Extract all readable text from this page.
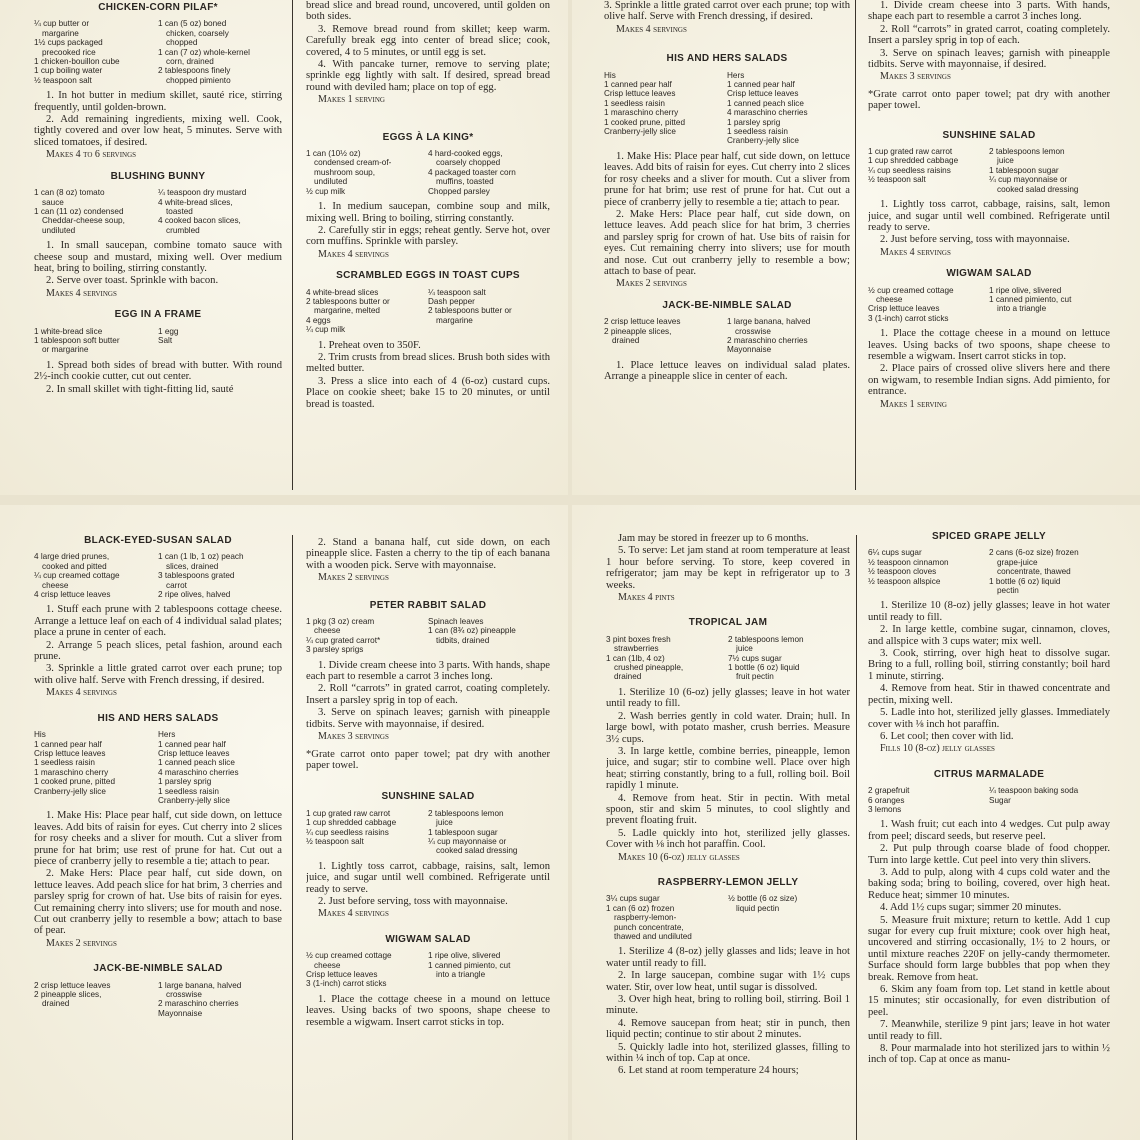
CHICKEN-CORN PILAF*
¼ cup butter or
margarine
1½ cups packaged
precooked rice
1 chicken-bouillon cube
1 cup boiling water
½ teaspoon salt

1 can (5 oz) boned
chicken, coarsely
chopped
1 can (7 oz) whole-kernel
corn, drained
2 tablespoons finely
chopped pimiento

1. In hot butter in medium skillet, sauté rice, stirring frequently, until golden-brown.

2. Add remaining ingredients, mixing well. Cook, tightly covered and over low heat, 5 minutes. Serve with sliced tomatoes, if desired.

Makes 4 to 6 servings
BLUSHING BUNNY
1 can (8 oz) tomato
sauce
1 can (11 oz) condensed
Cheddar-cheese soup,
undiluted

¼ teaspoon dry mustard
4 white-bread slices,
toasted
4 cooked bacon slices,
crumbled

1. In small saucepan, combine tomato sauce with cheese soup and mustard, mixing well. Over medium heat, bring to boiling, stirring constantly.

2. Serve over toast. Sprinkle with bacon.

Makes 4 servings
EGG IN A FRAME
1 white-bread slice
1 tablespoon soft butter
or margarine

1 egg
Salt

1. Spread both sides of bread with butter. With round 2½-inch cookie cutter, cut out center.

2. In small skillet with tight-fitting lid, sauté

bread slice and bread round, uncovered, until golden on both sides.

3. Remove bread round from skillet; keep warm. Carefully break egg into center of bread slice; cook, covered, 4 to 5 minutes, or until egg is set.

4. With pancake turner, remove to serving plate; sprinkle egg lightly with salt. If desired, spread bread round with deviled ham; place on top of egg.

Makes 1 serving
EGGS À LA KING*
1 can (10½ oz)
condensed cream-of-
mushroom soup,
undiluted
½ cup milk

4 hard-cooked eggs,
coarsely chopped
4 packaged toaster corn
muffins, toasted
Chopped parsley

1. In medium saucepan, combine soup and milk, mixing well. Bring to boiling, stirring constantly.

2. Carefully stir in eggs; reheat gently. Serve hot, over corn muffins. Sprinkle with parsley.

Makes 4 servings
SCRAMBLED EGGS IN TOAST CUPS
4 white-bread slices
2 tablespoons butter or
margarine, melted
4 eggs
¼ cup milk

¼ teaspoon salt
Dash pepper
2 tablespoons butter or
margarine

1. Preheat oven to 350F.

2. Trim crusts from bread slices. Brush both sides with melted butter.

3. Press a slice into each of 4 (6-oz) custard cups. Place on cookie sheet; bake 15 to 20 minutes, or until bread is toasted.

3. Sprinkle a little grated carrot over each prune; top with olive half. Serve with French dressing, if desired.

Makes 4 servings
HIS AND HERS SALADS
His
1 canned pear half
Crisp lettuce leaves
1 seedless raisin
1 maraschino cherry
1 cooked prune, pitted
Cranberry-jelly slice

Hers
1 canned pear half
Crisp lettuce leaves
1 canned peach slice
4 maraschino cherries
1 parsley sprig
1 seedless raisin
Cranberry-jelly slice

1. Make His: Place pear half, cut side down, on lettuce leaves. Add bits of raisin for eyes. Cut cherry into 2 slices for rosy cheeks and a sliver for mouth. Cut a sliver from prune for hat brim; use rest of prune for hat. Cut out a piece of cranberry jelly to resemble a tie; attach to pear.

2. Make Hers: Place pear half, cut side down, on lettuce leaves. Add peach slice for hat brim, 3 cherries and parsley sprig for crown of hat. Use bits of raisin for eyes. Cut remaining cherry into slivers; use for mouth and nose. Cut out cranberry jelly to resemble a bow; attach to base of pear.

Makes 2 servings
JACK-BE-NIMBLE SALAD
2 crisp lettuce leaves
2 pineapple slices,
drained

1 large banana, halved
crosswise
2 maraschino cherries
Mayonnaise

1. Place lettuce leaves on individual salad plates. Arrange a pineapple slice in center of each.

1. Divide cream cheese into 3 parts. With hands, shape each part to resemble a carrot 3 inches long.

2. Roll “carrots” in grated carrot, coating completely. Insert a parsley sprig in top of each.

3. Serve on spinach leaves; garnish with pineapple tidbits. Serve with mayonnaise, if desired.

Makes 3 servings

*Grate carrot onto paper towel; pat dry with another paper towel.

SUNSHINE SALAD
1 cup grated raw carrot
1 cup shredded cabbage
¼ cup seedless raisins
½ teaspoon salt

2 tablespoons lemon
juice
1 tablespoon sugar
¼ cup mayonnaise or
cooked salad dressing

1. Lightly toss carrot, cabbage, raisins, salt, lemon juice, and sugar until well combined. Refrigerate until ready to serve.

2. Just before serving, toss with mayonnaise.

Makes 4 servings
WIGWAM SALAD
½ cup creamed cottage
cheese
Crisp lettuce leaves
3 (1-inch) carrot sticks

1 ripe olive, slivered
1 canned pimiento, cut
into a triangle

1. Place the cottage cheese in a mound on lettuce leaves. Using backs of two spoons, shape cheese to resemble a wigwam. Insert carrot sticks in top.

2. Place pairs of crossed olive slivers here and there on wigwam, to resemble Indian signs. Add pimiento, for entrance.

Makes 1 serving
BLACK-EYED-SUSAN SALAD
4 large dried prunes,
cooked and pitted
¼ cup creamed cottage
cheese
4 crisp lettuce leaves

1 can (1 lb, 1 oz) peach
slices, drained
3 tablespoons grated
carrot
2 ripe olives, halved

1. Stuff each prune with 2 tablespoons cottage cheese. Arrange a lettuce leaf on each of 4 individual salad plates; place a prune in center of each.

2. Arrange 5 peach slices, petal fashion, around each prune.

3. Sprinkle a little grated carrot over each prune; top with olive half. Serve with French dressing, if desired.

Makes 4 servings
HIS AND HERS SALADS
His
1 canned pear half
Crisp lettuce leaves
1 seedless raisin
1 maraschino cherry
1 cooked prune, pitted
Cranberry-jelly slice

Hers
1 canned pear half
Crisp lettuce leaves
1 canned peach slice
4 maraschino cherries
1 parsley sprig
1 seedless raisin
Cranberry-jelly slice

1. Make His: Place pear half, cut side down, on lettuce leaves. Add bits of raisin for eyes. Cut cherry into 2 slices for rosy cheeks and a sliver for mouth. Cut a sliver from prune for hat brim; use rest of prune for hat. Cut out a piece of cranberry jelly to resemble a tie; attach to pear.

2. Make Hers: Place pear half, cut side down, on lettuce leaves. Add peach slice for hat brim, 3 cherries and parsley sprig for crown of hat. Use bits of raisin for eyes. Cut remaining cherry into slivers; use for mouth and nose. Cut out cranberry jelly to resemble a bow; attach to base of pear.

Makes 2 servings
JACK-BE-NIMBLE SALAD
2 crisp lettuce leaves
2 pineapple slices,
drained

1 large banana, halved
crosswise
2 maraschino cherries
Mayonnaise

2. Stand a banana half, cut side down, on each pineapple slice. Fasten a cherry to the tip of each banana with a wooden pick. Serve with mayonnaise.

Makes 2 servings
PETER RABBIT SALAD
1 pkg (3 oz) cream
cheese
¼ cup grated carrot*
3 parsley sprigs

Spinach leaves
1 can (8¾ oz) pineapple
tidbits, drained

1. Divide cream cheese into 3 parts. With hands, shape each part to resemble a carrot 3 inches long.

2. Roll “carrots” in grated carrot, coating completely. Insert a parsley sprig in top of each.

3. Serve on spinach leaves; garnish with pineapple tidbits. Serve with mayonnaise, if desired.

Makes 3 servings

*Grate carrot onto paper towel; pat dry with another paper towel.

SUNSHINE SALAD
1 cup grated raw carrot
1 cup shredded cabbage
¼ cup seedless raisins
½ teaspoon salt

2 tablespoons lemon
juice
1 tablespoon sugar
¼ cup mayonnaise or
cooked salad dressing

1. Lightly toss carrot, cabbage, raisins, salt, lemon juice, and sugar until well combined. Refrigerate until ready to serve.

2. Just before serving, toss with mayonnaise.

Makes 4 servings
WIGWAM SALAD
½ cup creamed cottage
cheese
Crisp lettuce leaves
3 (1-inch) carrot sticks

1 ripe olive, slivered
1 canned pimiento, cut
into a triangle

1. Place the cottage cheese in a mound on lettuce leaves. Using backs of two spoons, shape cheese to resemble a wigwam. Insert carrot sticks in top.

Jam may be stored in freezer up to 6 months.

5. To serve: Let jam stand at room temperature at least 1 hour before serving. To store, keep covered in refrigerator; jam may be kept in refrigerator up to 3 weeks.

Makes 4 pints
TROPICAL JAM
3 pint boxes fresh
strawberries
1 can (1lb, 4 oz)
crushed pineapple,
drained

2 tablespoons lemon
juice
7½ cups sugar
1 bottle (6 oz) liquid
fruit pectin

1. Sterilize 10 (6-oz) jelly glasses; leave in hot water until ready to fill.

2. Wash berries gently in cold water. Drain; hull. In large bowl, with potato masher, crush berries. Measure 3½ cups.

3. In large kettle, combine berries, pineapple, lemon juice, and sugar; stir to combine well. Place over high heat; stirring constantly, bring to a full, rolling boil. Boil rapidly 1 minute.

4. Remove from heat. Stir in pectin. With metal spoon, stir and skim 5 minutes, to cool slightly and prevent floating fruit.

5. Ladle quickly into hot, sterilized jelly glasses. Cover with ⅛ inch hot paraffin. Cool.

Makes 10 (6-oz) jelly glasses
RASPBERRY-LEMON JELLY
3¼ cups sugar
1 can (6 oz) frozen
raspberry-lemon-
punch concentrate,
thawed and undiluted

½ bottle (6 oz size)
liquid pectin

1. Sterilize 4 (8-oz) jelly glasses and lids; leave in hot water until ready to fill.

2. In large saucepan, combine sugar with 1½ cups water. Stir, over low heat, until sugar is dissolved.

3. Over high heat, bring to rolling boil, stirring. Boil 1 minute.

4. Remove saucepan from heat; stir in punch, then liquid pectin; continue to stir about 2 minutes.

5. Quickly ladle into hot, sterilized glasses, filling to within ¼ inch of top. Cap at once.

6. Let stand at room temperature 24 hours;

SPICED GRAPE JELLY
6¼ cups sugar
½ teaspoon cinnamon
½ teaspoon cloves
½ teaspoon allspice

2 cans (6-oz size) frozen
grape-juice
concentrate, thawed
1 bottle (6 oz) liquid
pectin

1. Sterilize 10 (8-oz) jelly glasses; leave in hot water until ready to fill.

2. In large kettle, combine sugar, cinnamon, cloves, and allspice with 3 cups water; mix well.

3. Cook, stirring, over high heat to dissolve sugar. Bring to a full, rolling boil, stirring constantly; boil hard 1 minute, stirring.

4. Remove from heat. Stir in thawed concentrate and pectin, mixing well.

5. Ladle into hot, sterilized jelly glasses. Immediately cover with ⅛ inch hot paraffin.

6. Let cool; then cover with lid.

Fills 10 (8-oz) jelly glasses
CITRUS MARMALADE
2 grapefruit
6 oranges
3 lemons

¼ teaspoon baking soda
Sugar

1. Wash fruit; cut each into 4 wedges. Cut pulp away from peel; discard seeds, but reserve peel.

2. Put pulp through coarse blade of food chopper. Turn into large kettle. Cut peel into very thin slivers.

3. Add to pulp, along with 4 cups cold water and the baking soda; bring to boiling, covered, over high heat. Reduce heat; simmer 10 minutes.

4. Add 1½ cups sugar; simmer 20 minutes.

5. Measure fruit mixture; return to kettle. Add 1 cup sugar for every cup fruit mixture; cook over high heat, uncovered and stirring occasionally, 1½ to 2 hours, or until mixture reaches 220F on jelly-candy thermometer. Surface should form large bubbles that pop when they break. Remove from heat.

6. Skim any foam from top. Let stand in kettle about 15 minutes; stir occasionally, for even distribution of peel.

7. Meanwhile, sterilize 9 pint jars; leave in hot water until ready to fill.

8. Pour marmalade into hot sterilized jars to within ½ inch of top. Cap at once as manu-
